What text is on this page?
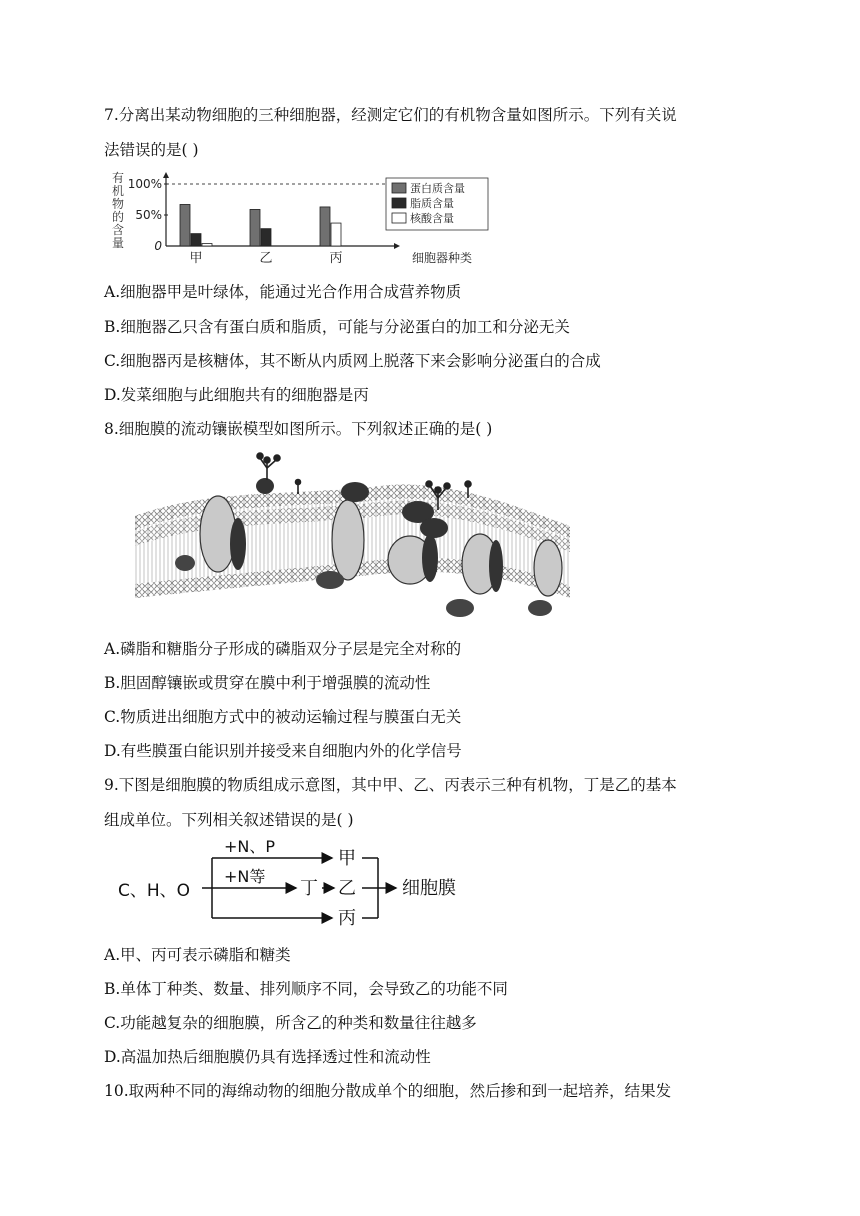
7.分离出某动物细胞的三种细胞器，经测定它们的有机物含量如图所示。下列有关说
法错误的是( )
有
机
物
的
含
量
100%
50%
0
甲	乙	丙	细胞器种类
蛋白质含量
脂质含量
核酸含量
A.细胞器甲是叶绿体，能通过光合作用合成营养物质
B.细胞器乙只含有蛋白质和脂质，可能与分泌蛋白的加工和分泌无关
C.细胞器丙是核糖体，其不断从内质网上脱落下来会影响分泌蛋白的合成
D.发菜细胞与此细胞共有的细胞器是丙
8.细胞膜的流动镶嵌模型如图所示。下列叙述正确的是( )
A.磷脂和糖脂分子形成的磷脂双分子层是完全对称的
B.胆固醇镶嵌或贯穿在膜中利于增强膜的流动性
C.物质进出细胞方式中的被动运输过程与膜蛋白无关
D.有些膜蛋白能识别并接受来自细胞内外的化学信号
9.下图是细胞膜的物质组成示意图，其中甲、乙、丙表示三种有机物，丁是乙的基本
组成单位。下列相关叙述错误的是( )
C、H、O
+N、P
+N等
丁
甲
乙
丙
细胞膜
A.甲、丙可表示磷脂和糖类
B.单体丁种类、数量、排列顺序不同，会导致乙的功能不同
C.功能越复杂的细胞膜，所含乙的种类和数量往往越多
D.高温加热后细胞膜仍具有选择透过性和流动性
10.取两种不同的海绵动物的细胞分散成单个的细胞，然后掺和到一起培养，结果发
